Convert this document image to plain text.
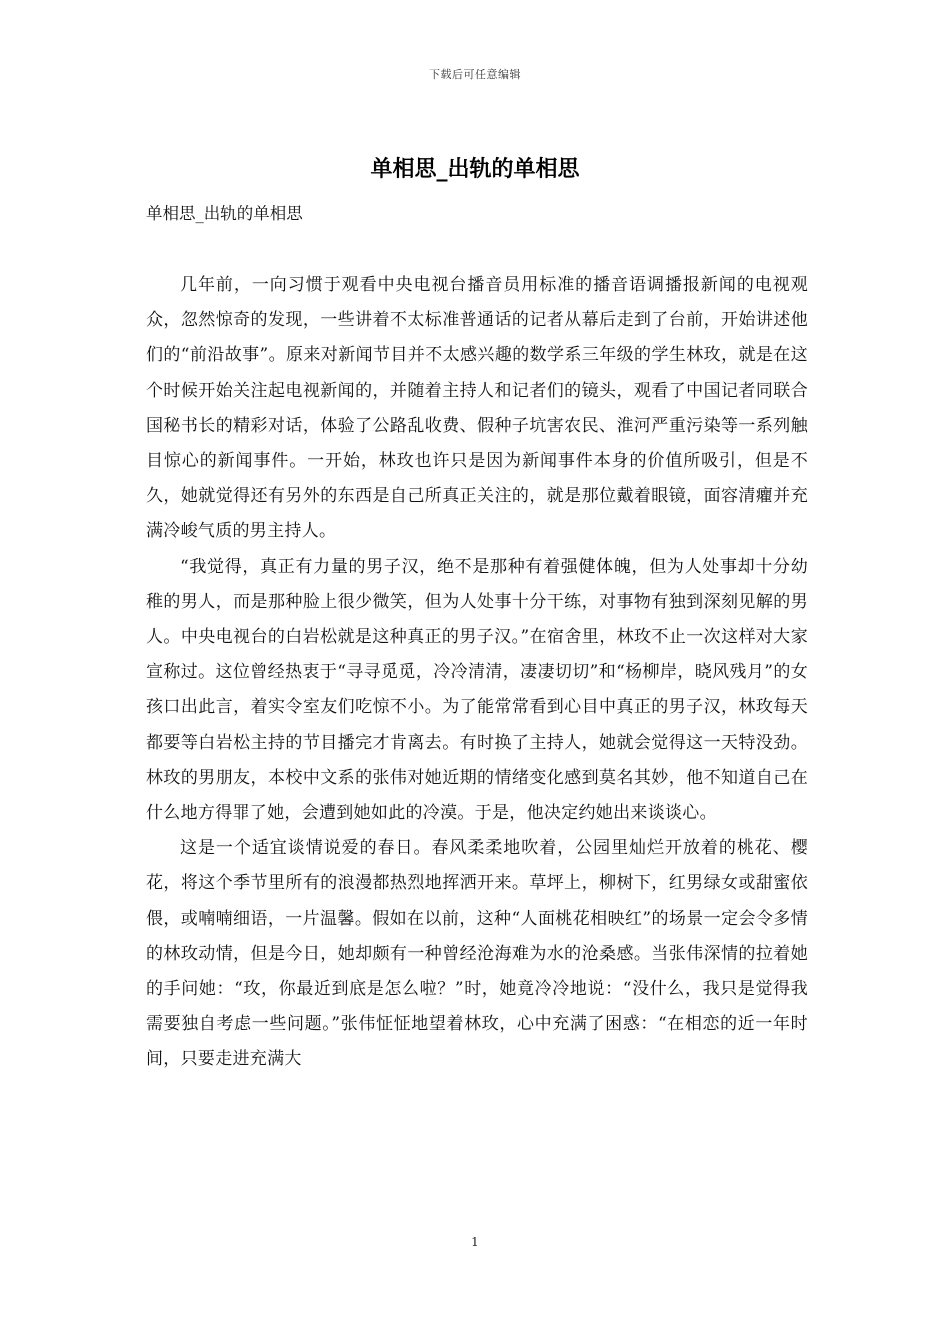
下载后可任意编辑
单相思_出轨的单相思

单相思_出轨的单相思

几年前，一向习惯于观看中央电视台播音员用标准的播音语调播报新闻的电视观众，忽然惊奇的发现，一些讲着不太标准普通话的记者从幕后走到了台前，开始讲述他们的“前沿故事”。原来对新闻节目并不太感兴趣的数学系三年级的学生林玫，就是在这个时候开始关注起电视新闻的，并随着主持人和记者们的镜头，观看了中国记者同联合国秘书长的精彩对话，体验了公路乱收费、假种子坑害农民、淮河严重污染等一系列触目惊心的新闻事件。一开始，林玫也许只是因为新闻事件本身的价值所吸引，但是不久，她就觉得还有另外的东西是自己所真正关注的，就是那位戴着眼镜，面容清癯并充满冷峻气质的男主持人。

“我觉得，真正有力量的男子汉，绝不是那种有着强健体魄，但为人处事却十分幼稚的男人，而是那种脸上很少微笑，但为人处事十分干练，对事物有独到深刻见解的男人。中央电视台的白岩松就是这种真正的男子汉。”在宿舍里，林玫不止一次这样对大家宣称过。这位曾经热衷于“寻寻觅觅，冷冷清清，凄凄切切”和“杨柳岸，晓风残月”的女孩口出此言，着实令室友们吃惊不小。为了能常常看到心目中真正的男子汉，林玫每天都要等白岩松主持的节目播完才肯离去。有时换了主持人，她就会觉得这一天特没劲。林玫的男朋友，本校中文系的张伟对她近期的情绪变化感到莫名其妙，他不知道自己在什么地方得罪了她，会遭到她如此的冷漠。于是，他决定约她出来谈谈心。

这是一个适宜谈情说爱的春日。春风柔柔地吹着，公园里灿烂开放着的桃花、樱花，将这个季节里所有的浪漫都热烈地挥洒开来。草坪上，柳树下，红男绿女或甜蜜依偎，或喃喃细语，一片温馨。假如在以前，这种“人面桃花相映红”的场景一定会令多情的林玫动情，但是今日，她却颇有一种曾经沧海难为水的沧桑感。当张伟深情的拉着她的手问她：“玫，你最近到底是怎么啦？”时，她竟冷冷地说：“没什么，我只是觉得我需要独自考虑一些问题。”张伟怔怔地望着林玫，心中充满了困惑：“在相恋的近一年时间，只要走进充满大

1
